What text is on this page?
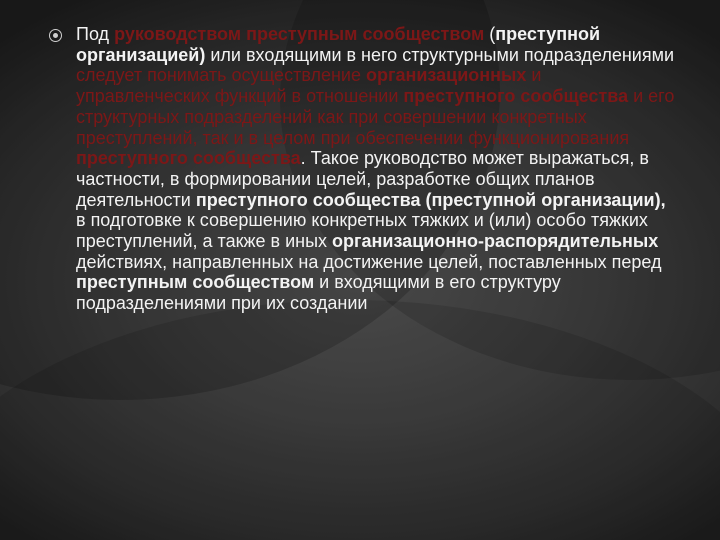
Под руководством преступным сообществом (преступной организацией) или входящими в него структурными подразделениями следует понимать осуществление организационных и управленческих функций в отношении преступного сообщества и его структурных подразделений как при совершении конкретных преступлений, так и в целом при обеспечении функционирования преступного сообщества. Такое руководство может выражаться, в частности, в формировании целей, разработке общих планов деятельности преступного сообщества (преступной организации), в подготовке к совершению конкретных тяжких и (или) особо тяжких преступлений, а также в иных организационно-распорядительных действиях, направленных на достижение целей, поставленных перед преступным сообществом и входящими в его структуру подразделениями при их создании
